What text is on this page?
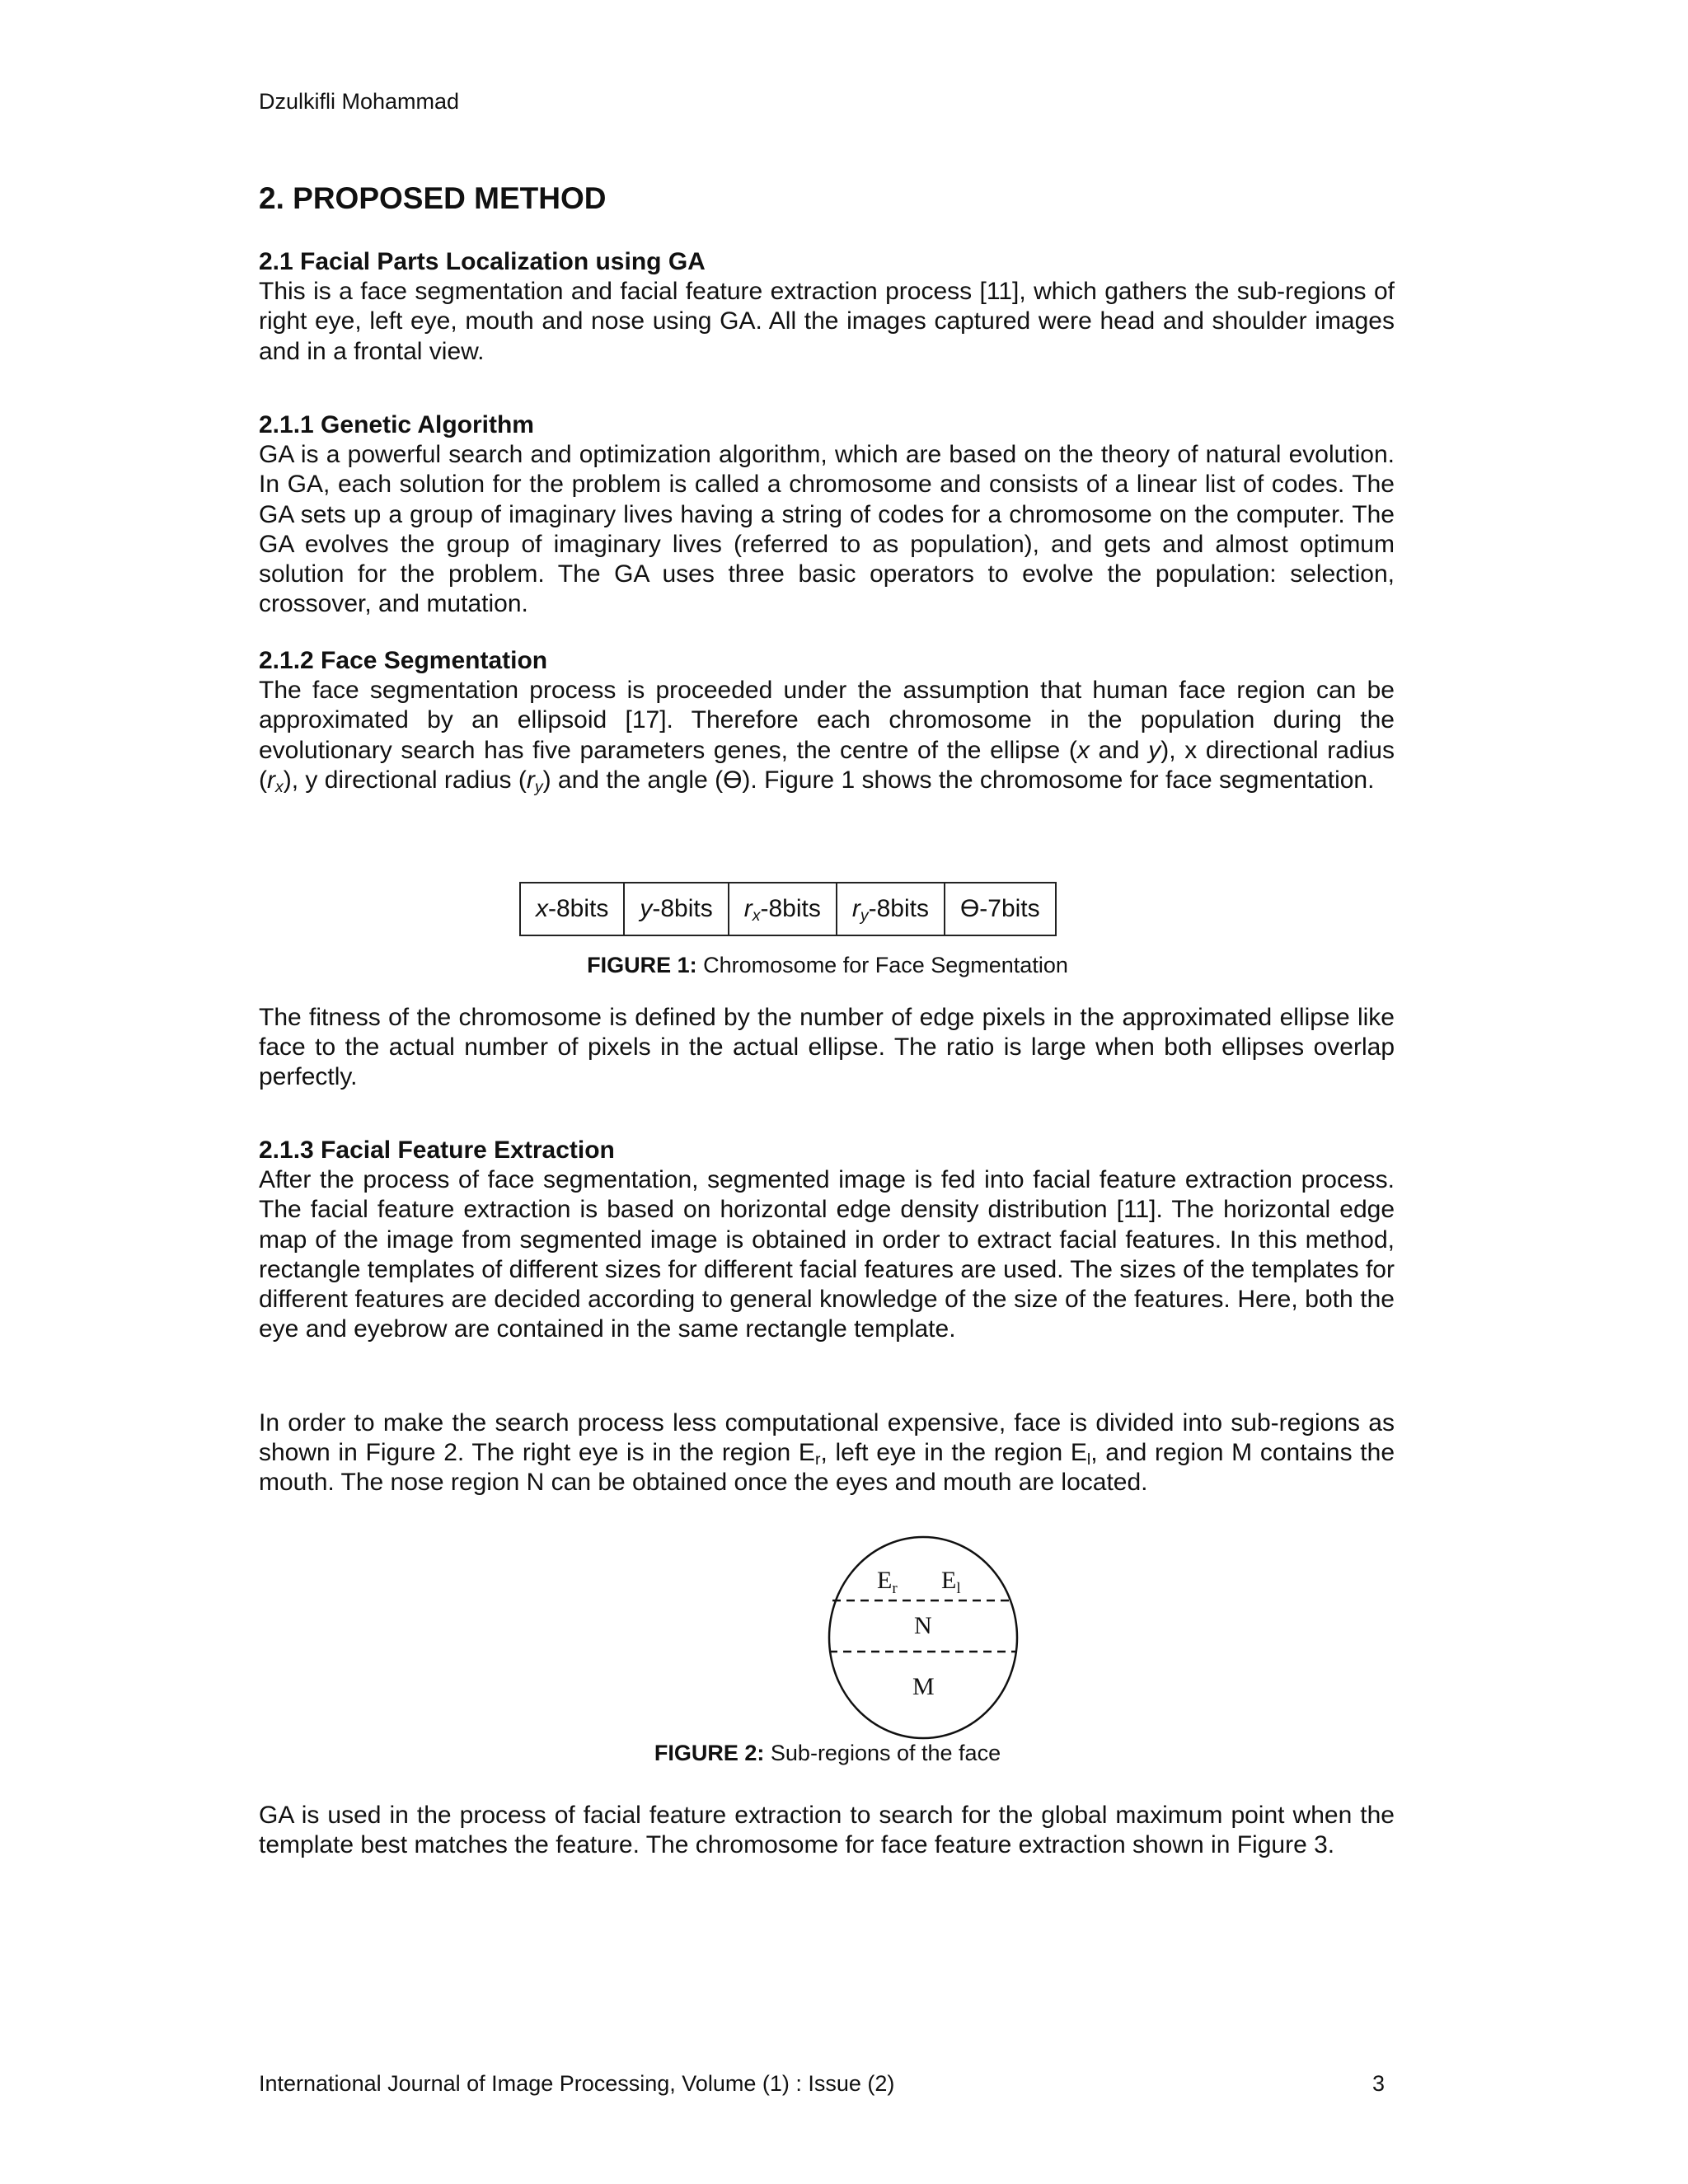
Dzulkifli Mohammad
2. PROPOSED METHOD
2.1 Facial Parts Localization using GA

This is a face segmentation and facial feature extraction process [11], which gathers the sub-regions of right eye, left eye, mouth and nose using GA. All the images captured were head and shoulder images and in a frontal view.

2.1.1 Genetic Algorithm

GA is a powerful search and optimization algorithm, which are based on the theory of natural evolution. In GA, each solution for the problem is called a chromosome and consists of a linear list of codes. The GA sets up a group of imaginary lives having a string of codes for a chromosome on the computer. The GA evolves the group of imaginary lives (referred to as population), and gets and almost optimum solution for the problem. The GA uses three basic operators to evolve the population: selection, crossover, and mutation.

2.1.2 Face Segmentation

The face segmentation process is proceeded under the assumption that human face region can be approximated by an ellipsoid [17]. Therefore each chromosome in the population during the evolutionary search has five parameters genes, the centre of the ellipse (x and y), x directional radius $(r_x)$, y directional radius $(r_y)$ and the angle (Ө). Figure 1 shows the chromosome for face segmentation.

x-8bits	y-8bits	$r_x-8bits$	$r_y-8bits$	Ө-7bits
FIGURE 1: Chromosome for Face Segmentation

The fitness of the chromosome is defined by the number of edge pixels in the approximated ellipse like face to the actual number of pixels in the actual ellipse. The ratio is large when both ellipses overlap perfectly.

2.1.3 Facial Feature Extraction

After the process of face segmentation, segmented image is fed into facial feature extraction process. The facial feature extraction is based on horizontal edge density distribution [11]. The horizontal edge map of the image from segmented image is obtained in order to extract facial features. In this method, rectangle templates of different sizes for different facial features are used. The sizes of the templates for different features are decided according to general knowledge of the size of the features. Here, both the eye and eyebrow are contained in the same rectangle template.

In order to make the search process less computational expensive, face is divided into sub-regions as shown in Figure 2. The right eye is in the region $E_r$, left eye in the region $E_l$, and region M contains the mouth. The nose region N can be obtained once the eyes and mouth are located.

FIGURE 2: Sub-regions of the face

GA is used in the process of facial feature extraction to search for the global maximum point when the template best matches the feature. The chromosome for face feature extraction shown in Figure 3.

International Journal of Image Processing, Volume (1) : Issue (2)	3
$E_r$ $E_l$
N
M
